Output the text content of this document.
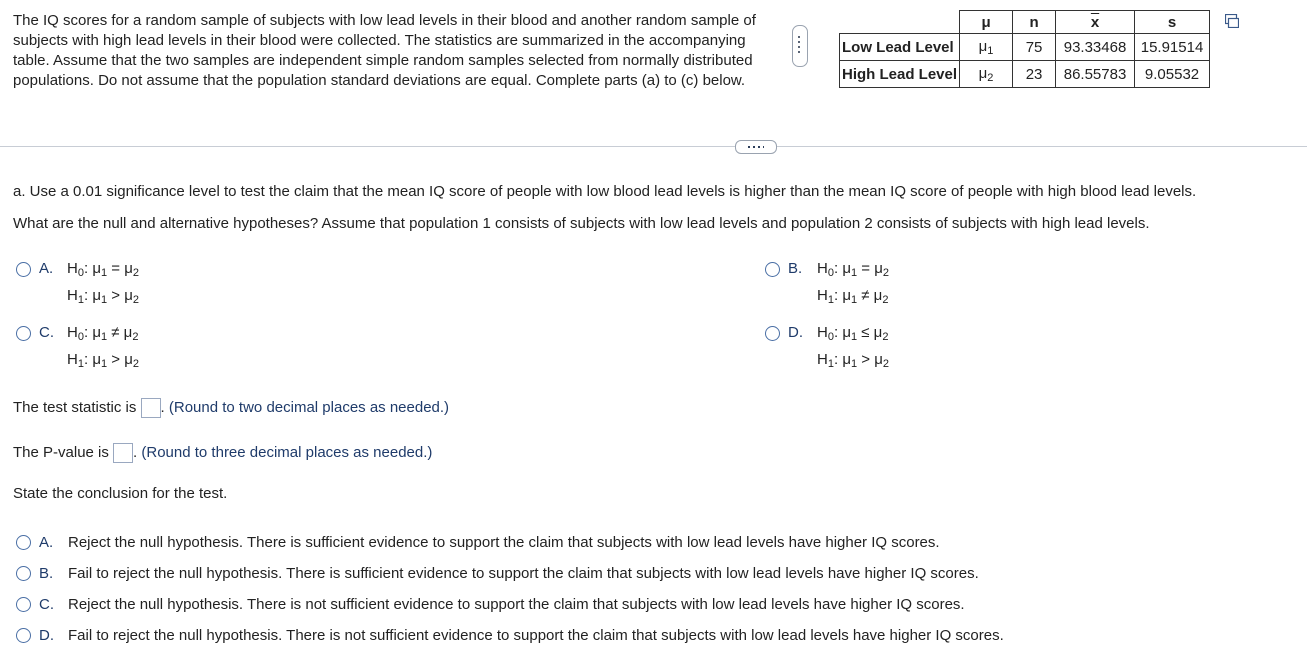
The IQ scores for a random sample of subjects with low lead levels in their blood and another random sample of subjects with high lead levels in their blood were collected. The statistics are summarized in the accompanying table. Assume that the two samples are independent simple random samples selected from normally distributed populations. Do not assume that the population standard deviations are equal. Complete parts (a) to (c) below.
	μ	n	$\overline{x}$	s
Low Lead Level	$\mu_1$	75	93.33468	15.91514
High Lead Level	$\mu_2$	23	86.55783	9.05532
a. Use a 0.01 significance level to test the claim that the mean IQ score of people with low blood lead levels is higher than the mean IQ score of people with high blood lead levels.
What are the null and alternative hypotheses? Assume that population 1 consists of subjects with low lead levels and population 2 consists of subjects with high lead levels.
A. $H_0$: $\mu_1 = \mu_2$
$H_1$: $\mu_1 > \mu_2$
B. $H_0$: $\mu_1 = \mu_2$
$H_1$: $\mu_1 \ne \mu_2$
C. $H_0$: $\mu_1 \ne \mu_2$
$H_1$: $\mu_1 > \mu_2$
D. $H_0$: $\mu_1 \le \mu_2$
$H_1$: $\mu_1 > \mu_2$
The test statistic is . (Round to two decimal places as needed.)
The P-value is . (Round to three decimal places as needed.)
State the conclusion for the test.
A. Reject the null hypothesis. There is sufficient evidence to support the claim that subjects with low lead levels have higher IQ scores.
B. Fail to reject the null hypothesis. There is sufficient evidence to support the claim that subjects with low lead levels have higher IQ scores.
C. Reject the null hypothesis. There is not sufficient evidence to support the claim that subjects with low lead levels have higher IQ scores.
D. Fail to reject the null hypothesis. There is not sufficient evidence to support the claim that subjects with low lead levels have higher IQ scores.
